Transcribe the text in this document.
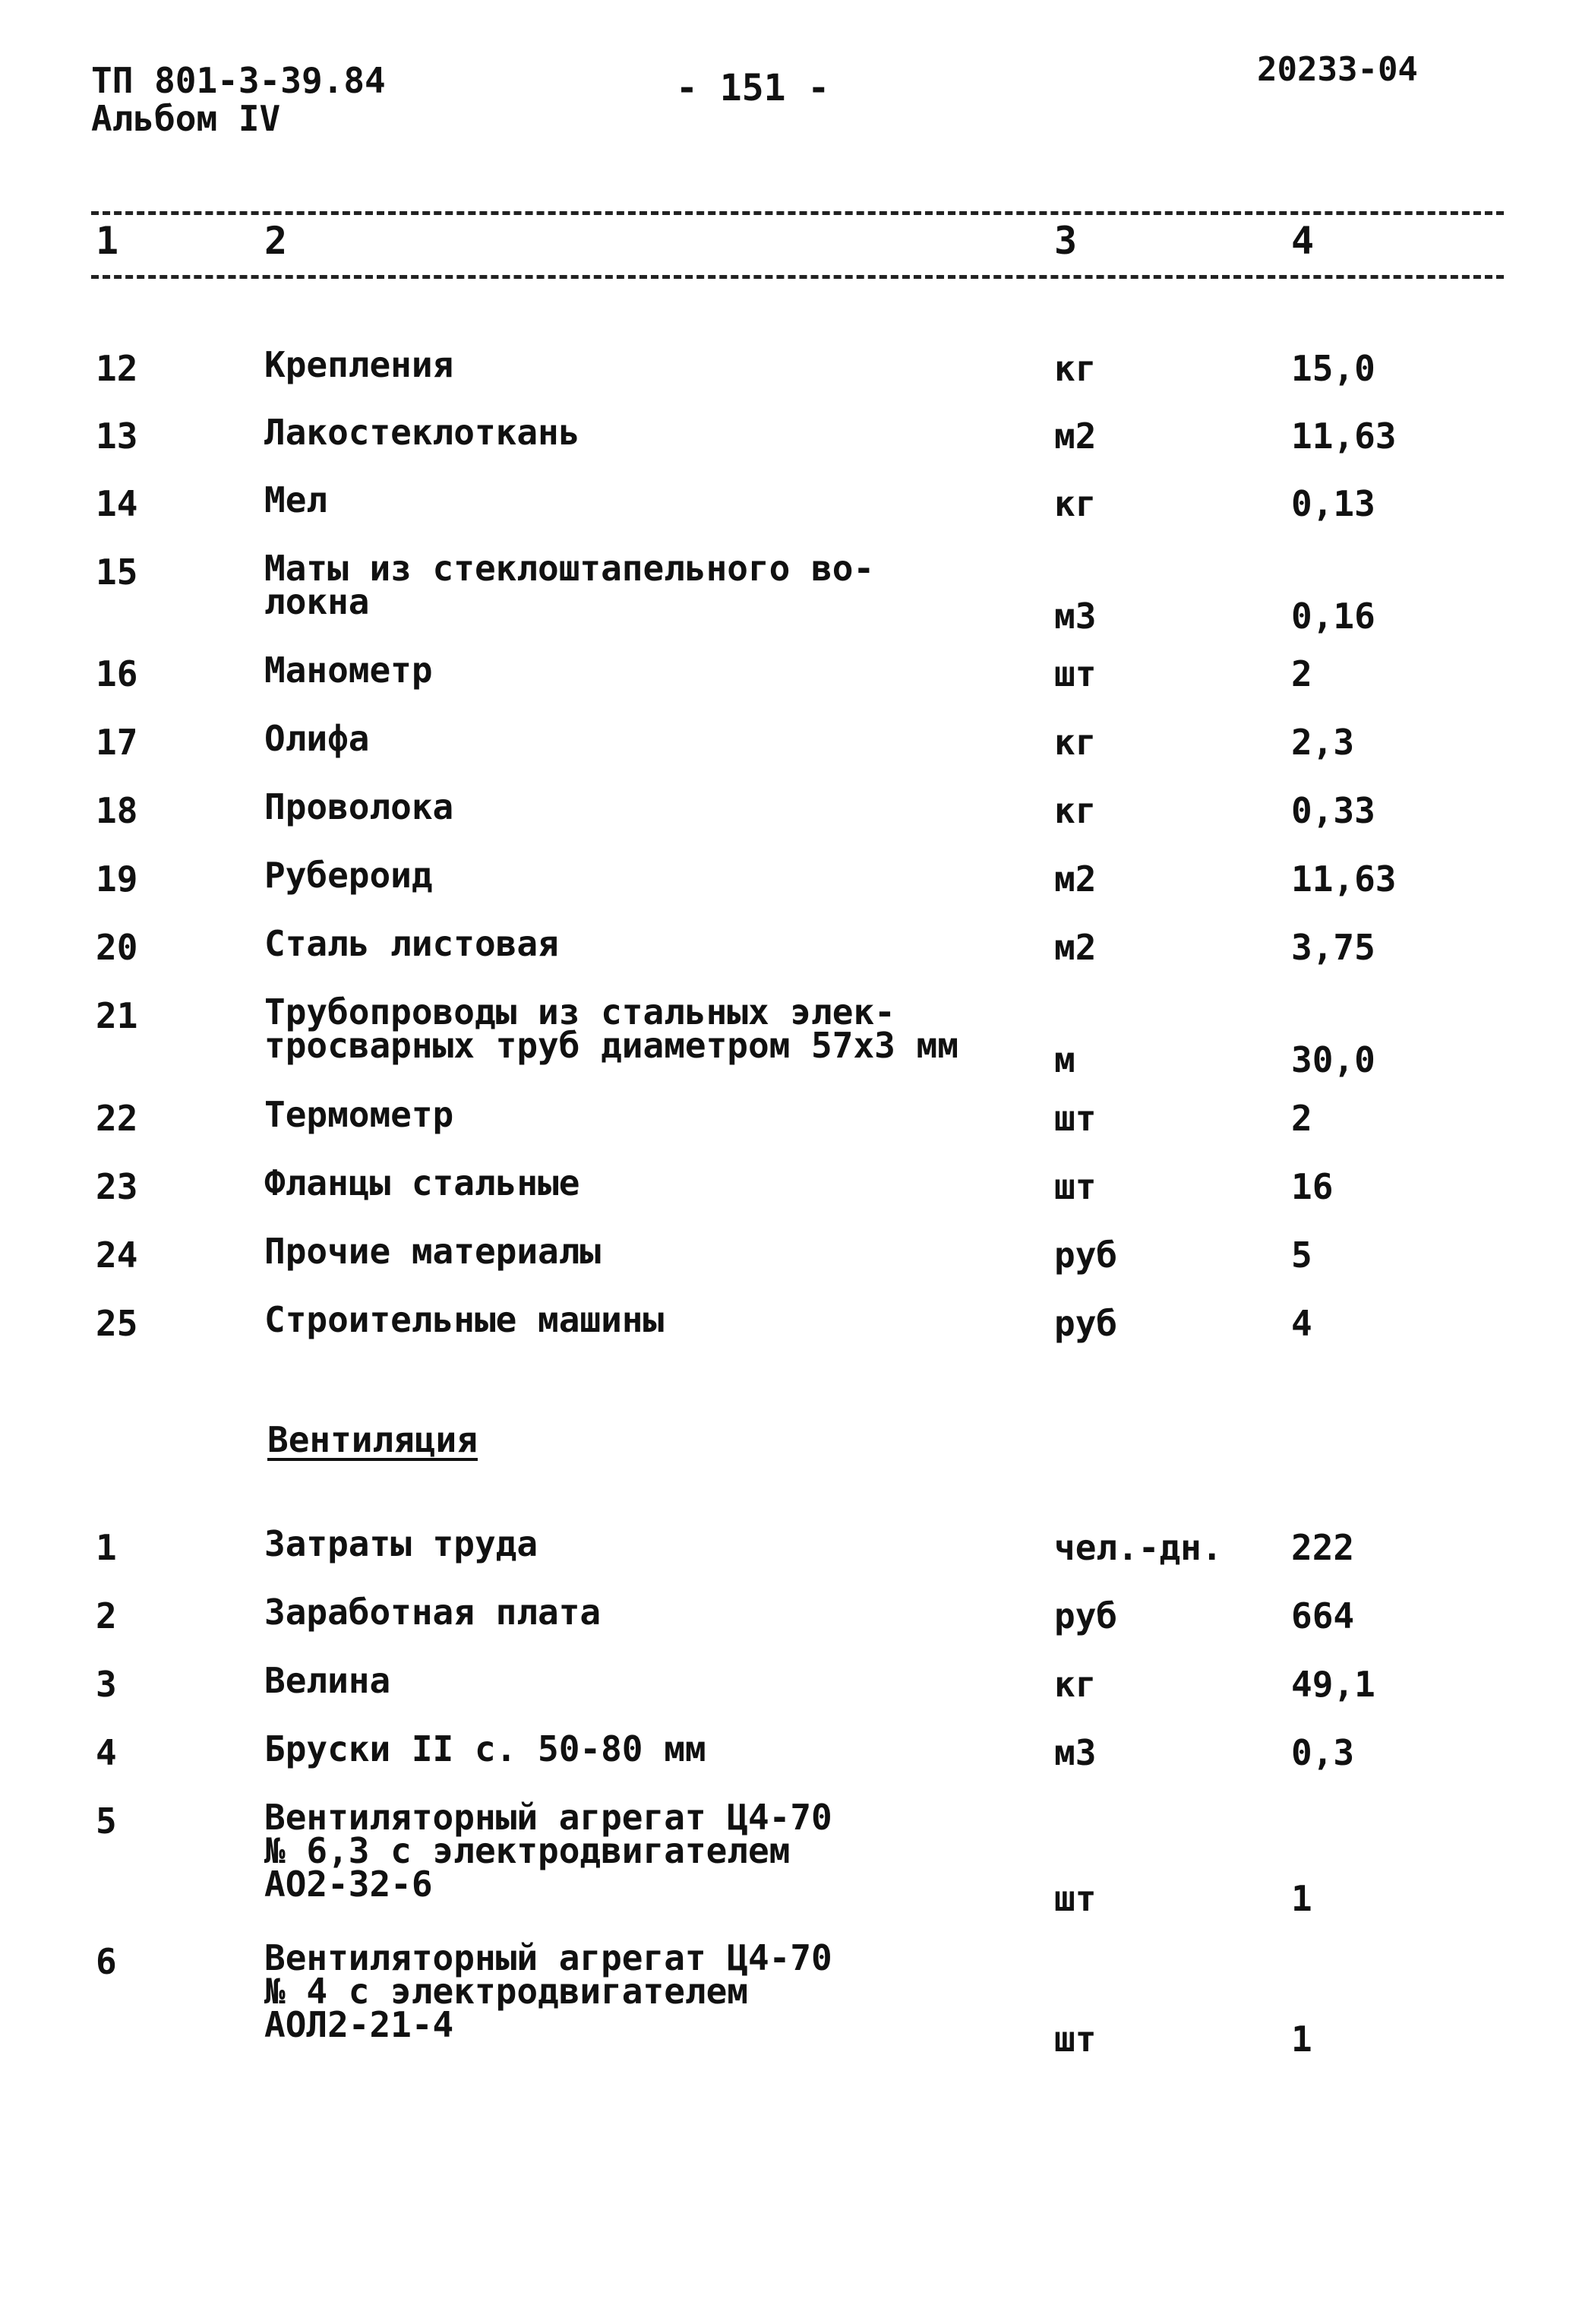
ТП 801-3-39.84
Альбом IV
- 151 -	20233-04
1	2	3	4
12	Крепления	кг	15,0
13	Лакостеклоткань	м2	11,63
14	Мел	кг	0,13
15	Маты из стеклоштапельного во-
локна	м3	0,16
16	Манометр	шт	2
17	Олифа	кг	2,3
18	Проволока	кг	0,33
19	Рубероид	м2	11,63
20	Сталь листовая	м2	3,75
21	Трубопроводы из стальных элек-
тросварных труб диаметром 57х3 мм	м	30,0
22	Термометр	шт	2
23	Фланцы стальные	шт	16
24	Прочие материалы	руб	5
25	Строительные машины	руб	4
Вентиляция
1	Затраты труда	чел.-дн. 222
2	Заработная плата	руб	664
3	Велина	кг	49,1
4	Бруски II с. 50-80 мм	м3	0,3
5	Вентиляторный агрегат Ц4-70
№ 6,3 с электродвигателем
АО2-32-6	шт	1
6	Вентиляторный агрегат Ц4-70
№ 4 с электродвигателем
АОЛ2-21-4	шт	1
